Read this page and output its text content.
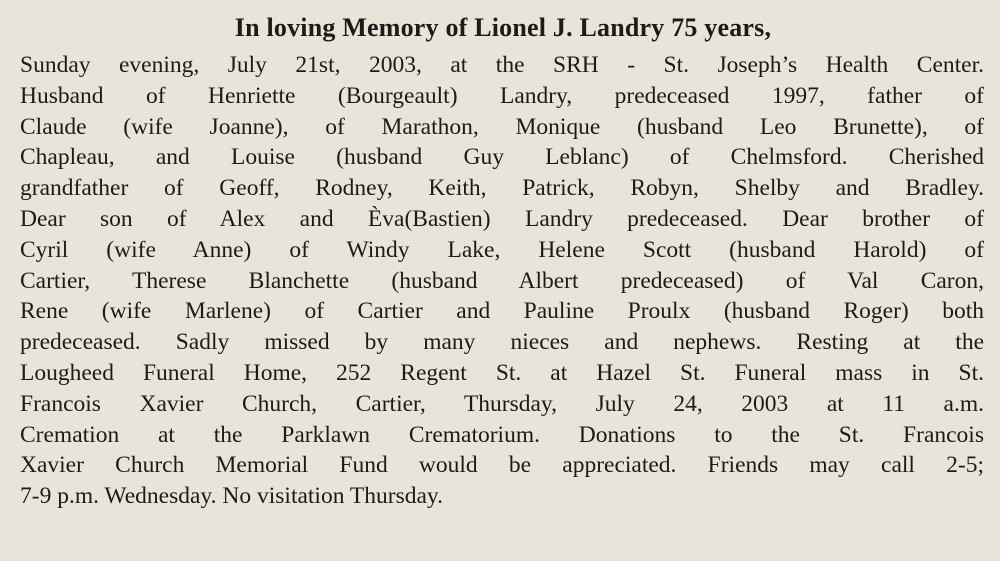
In loving Memory of Lionel J. Landry 75 years,
Sunday evening, July 21st, 2003, at the SRH - St. Joseph’s Health Center.
Husband of Henriette (Bourgeault) Landry, predeceased 1997, father of
Claude (wife Joanne), of Marathon, Monique (husband Leo Brunette), of
Chapleau, and Louise (husband Guy Leblanc) of Chelmsford. Cherished
grandfather of Geoff, Rodney, Keith, Patrick, Robyn, Shelby and Bradley.
Dear son of Alex and Èva(Bastien) Landry predeceased. Dear brother of
Cyril (wife Anne) of Windy Lake, Helene Scott (husband Harold) of
Cartier, Therese Blanchette (husband Albert predeceased) of Val Caron,
Rene (wife Marlene) of Cartier and Pauline Proulx (husband Roger) both
predeceased. Sadly missed by many nieces and nephews. Resting at the
Lougheed Funeral Home, 252 Regent St. at Hazel St. Funeral mass in St.
Francois Xavier Church, Cartier, Thursday, July 24, 2003 at 11 a.m.
Cremation at the Parklawn Crematorium. Donations to the St. Francois
Xavier Church Memorial Fund would be appreciated. Friends may call 2-5;
7-9 p.m. Wednesday. No visitation Thursday.
